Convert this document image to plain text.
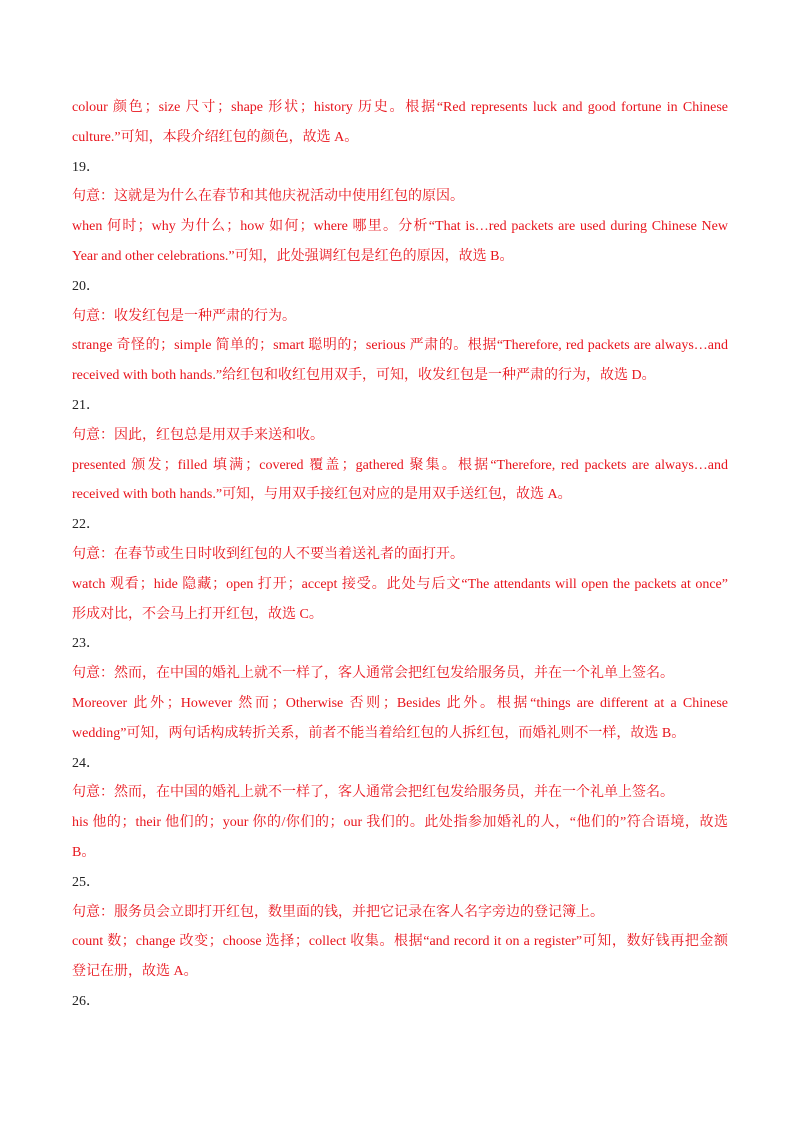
colour 颜色；size 尺寸；shape 形状；history 历史。根据“Red represents luck and good fortune in Chinese
culture.”可知，本段介绍红包的颜色，故选 A。
19．
句意：这就是为什么在春节和其他庆祝活动中使用红包的原因。
when 何时；why 为什么；how 如何；where 哪里。分析“That is…red packets are used during Chinese New
Year and other celebrations.”可知，此处强调红包是红色的原因，故选 B。
20．
句意：收发红包是一种严肃的行为。
strange 奇怪的；simple 简单的；smart 聪明的；serious 严肃的。根据“Therefore, red packets are always…and
received with both hands.”给红包和收红包用双手，可知，收发红包是一种严肃的行为，故选 D。
21．
句意：因此，红包总是用双手来送和收。
presented 颁发；filled 填满；covered 覆盖；gathered 聚集。根据“Therefore, red packets are always…and
received with both hands.”可知，与用双手接红包对应的是用双手送红包，故选 A。
22．
句意：在春节或生日时收到红包的人不要当着送礼者的面打开。
watch 观看；hide 隐藏；open 打开；accept 接受。此处与后文“The attendants will open the packets at once”
形成对比，不会马上打开红包，故选 C。
23．
句意：然而，在中国的婚礼上就不一样了，客人通常会把红包发给服务员，并在一个礼单上签名。
Moreover 此外；However 然而；Otherwise 否则；Besides 此外。根据“things are different at a Chinese
wedding”可知，两句话构成转折关系，前者不能当着给红包的人拆红包，而婚礼则不一样，故选 B。
24．
句意：然而，在中国的婚礼上就不一样了，客人通常会把红包发给服务员，并在一个礼单上签名。
his 他的；their 他们的；your 你的/你们的；our 我们的。此处指参加婚礼的人，“他们的”符合语境，故选
B。
25．
句意：服务员会立即打开红包，数里面的钱，并把它记录在客人名字旁边的登记簿上。
count 数；change 改变；choose 选择；collect 收集。根据“and record it on a register”可知，数好钱再把金额
登记在册，故选 A。
26．
